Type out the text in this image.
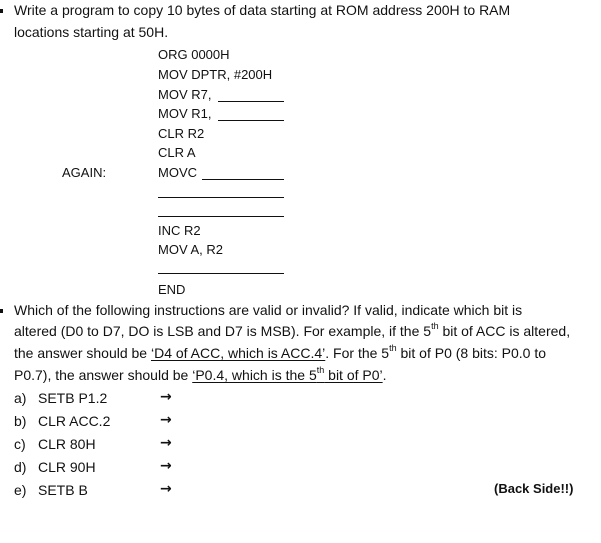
Write a program to copy 10 bytes of data starting at ROM address 200H to RAM
locations starting at 50H.
ORG 0000H
MOV DPTR, #200H
MOV R7,
MOV R1,
CLR R2
CLR A
AGAIN:	MOVC
INC R2
MOV A, R2
END
Which of the following instructions are valid or invalid? If valid, indicate which bit is
altered (D0 to D7, DO is LSB and D7 is MSB). For example, if the 5th bit of ACC is altered,
the answer should be ‘D4 of ACC, which is ACC.4’. For the 5th bit of P0 (8 bits: P0.0 to
P0.7), the answer should be ‘P0.4, which is the 5th bit of P0’.
a) SETB P1.2	→
b) CLR ACC.2	→
c) CLR 80H	→
d) CLR 90H	→
e) SETB B	→	(Back Side!!)
